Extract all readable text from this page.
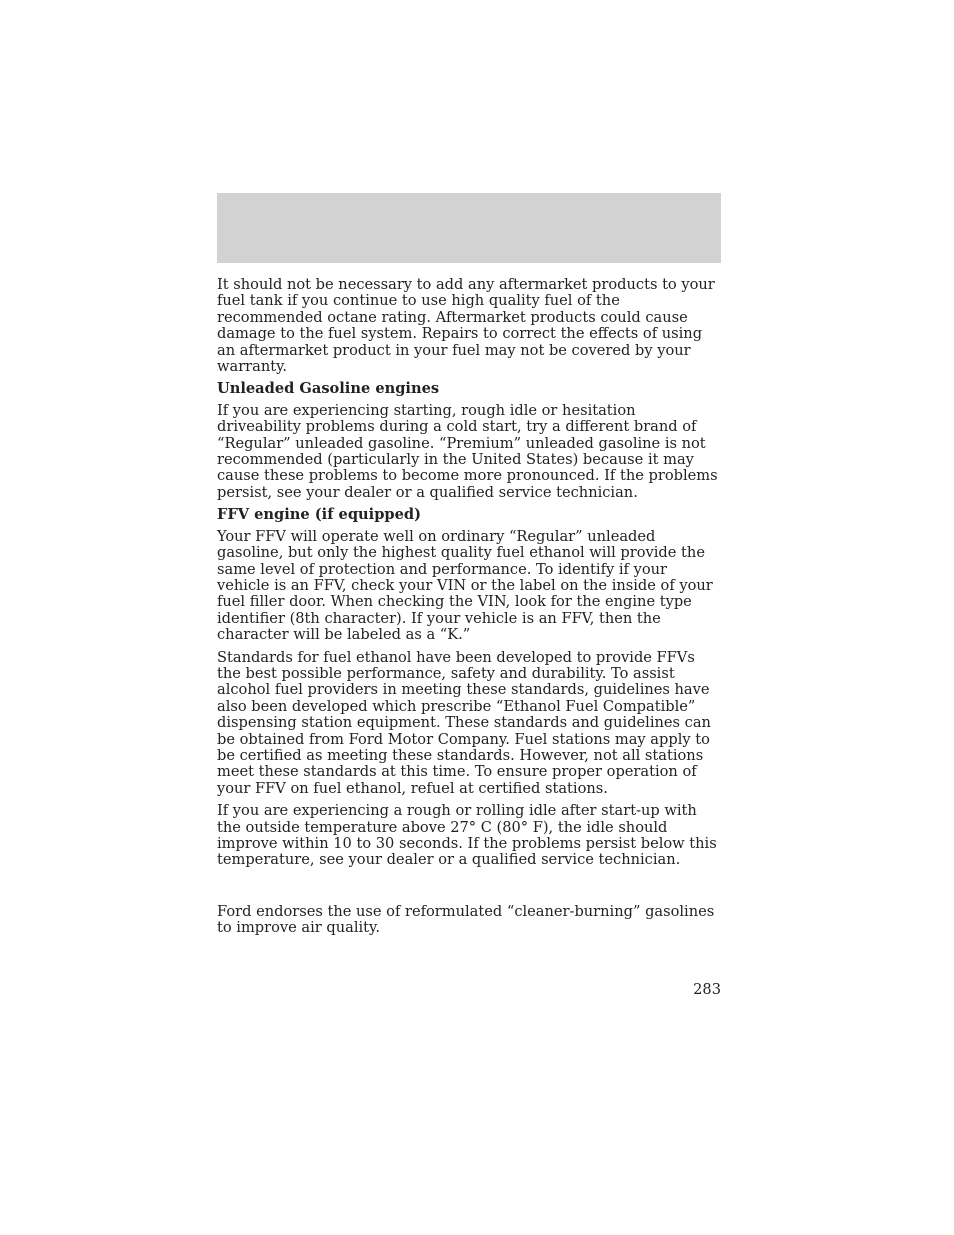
It should not be necessary to add any aftermarket products to your fuel tank if you continue to use high quality fuel of the recommended octane rating. Aftermarket products could cause damage to the fuel system. Repairs to correct the effects of using an aftermarket product in your fuel may not be covered by your warranty.

Unleaded Gasoline engines

If you are experiencing starting, rough idle or hesitation driveability problems during a cold start, try a different brand of “Regular” unleaded gasoline. “Premium” unleaded gasoline is not recommended (particularly in the United States) because it may cause these problems to become more pronounced. If the problems persist, see your dealer or a qualified service technician.

FFV engine (if equipped)

Your FFV will operate well on ordinary “Regular” unleaded gasoline, but only the highest quality fuel ethanol will provide the same level of protection and performance. To identify if your vehicle is an FFV, check your VIN or the label on the inside of your fuel filler door. When checking the VIN, look for the engine type identifier (8th character). If your vehicle is an FFV, then the character will be labeled as a “K.”

Standards for fuel ethanol have been developed to provide FFVs the best possible performance, safety and durability. To assist alcohol fuel providers in meeting these standards, guidelines have also been developed which prescribe “Ethanol Fuel Compatible” dispensing station equipment. These standards and guidelines can be obtained from Ford Motor Company. Fuel stations may apply to be certified as meeting these standards. However, not all stations meet these standards at this time. To ensure proper operation of your FFV on fuel ethanol, refuel at certified stations.

If you are experiencing a rough or rolling idle after start-up with the outside temperature above 27° C (80° F), the idle should improve within 10 to 30 seconds. If the problems persist below this temperature, see your dealer or a qualified service technician.

Ford endorses the use of reformulated “cleaner-burning” gasolines to improve air quality.

283
